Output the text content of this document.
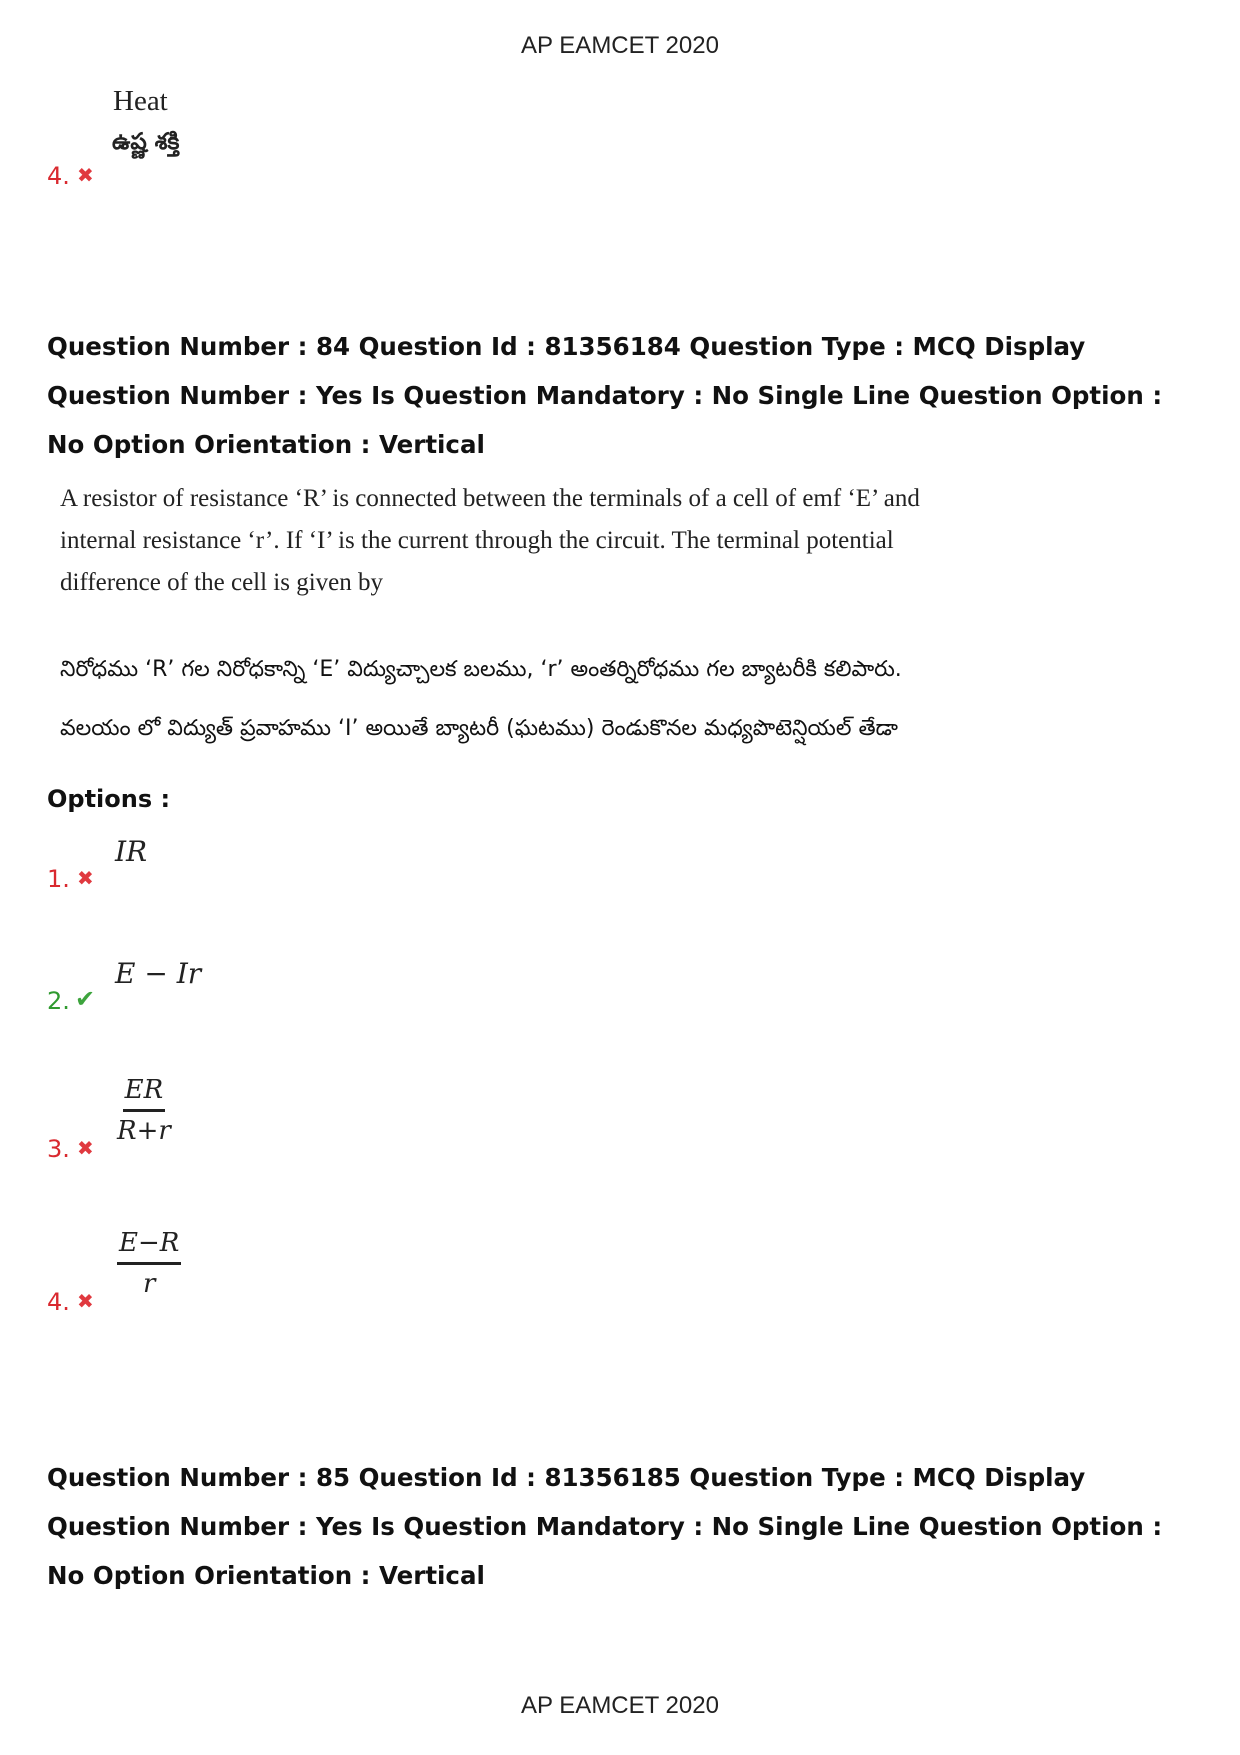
AP EAMCET 2020
4. ✖
Heat
ఉష్ణ శక్తి
Question Number : 84 Question Id : 81356184 Question Type : MCQ Display Question Number : Yes Is Question Mandatory : No Single Line Question Option : No Option Orientation : Vertical
A resistor of resistance ‘R’ is connected between the terminals of a cell of emf ‘E’ and internal resistance ‘r’. If ‘I’ is the current through the circuit. The terminal potential difference of the cell is given by
నిరోధము ‘R’ గల నిరోధకాన్ని ‘E’ విద్యుచ్చాలక బలము, ‘r’ అంతర్నిరోధము గల బ్యాటరీకి కలిపారు.
వలయం లో విద్యుత్ ప్రవాహము ‘I’ అయితే బ్యాటరీ (ఘటము) రెండుకొనల మధ్యపొటెన్షియల్ తేడా
Options :
1. ✖
IR
2. ✔
E − Ir
3. ✖
$\frac{ER}{R+r}$
4. ✖
$\frac{E-R}{r}$
Question Number : 85 Question Id : 81356185 Question Type : MCQ Display Question Number : Yes Is Question Mandatory : No Single Line Question Option : No Option Orientation : Vertical
AP EAMCET 2020
